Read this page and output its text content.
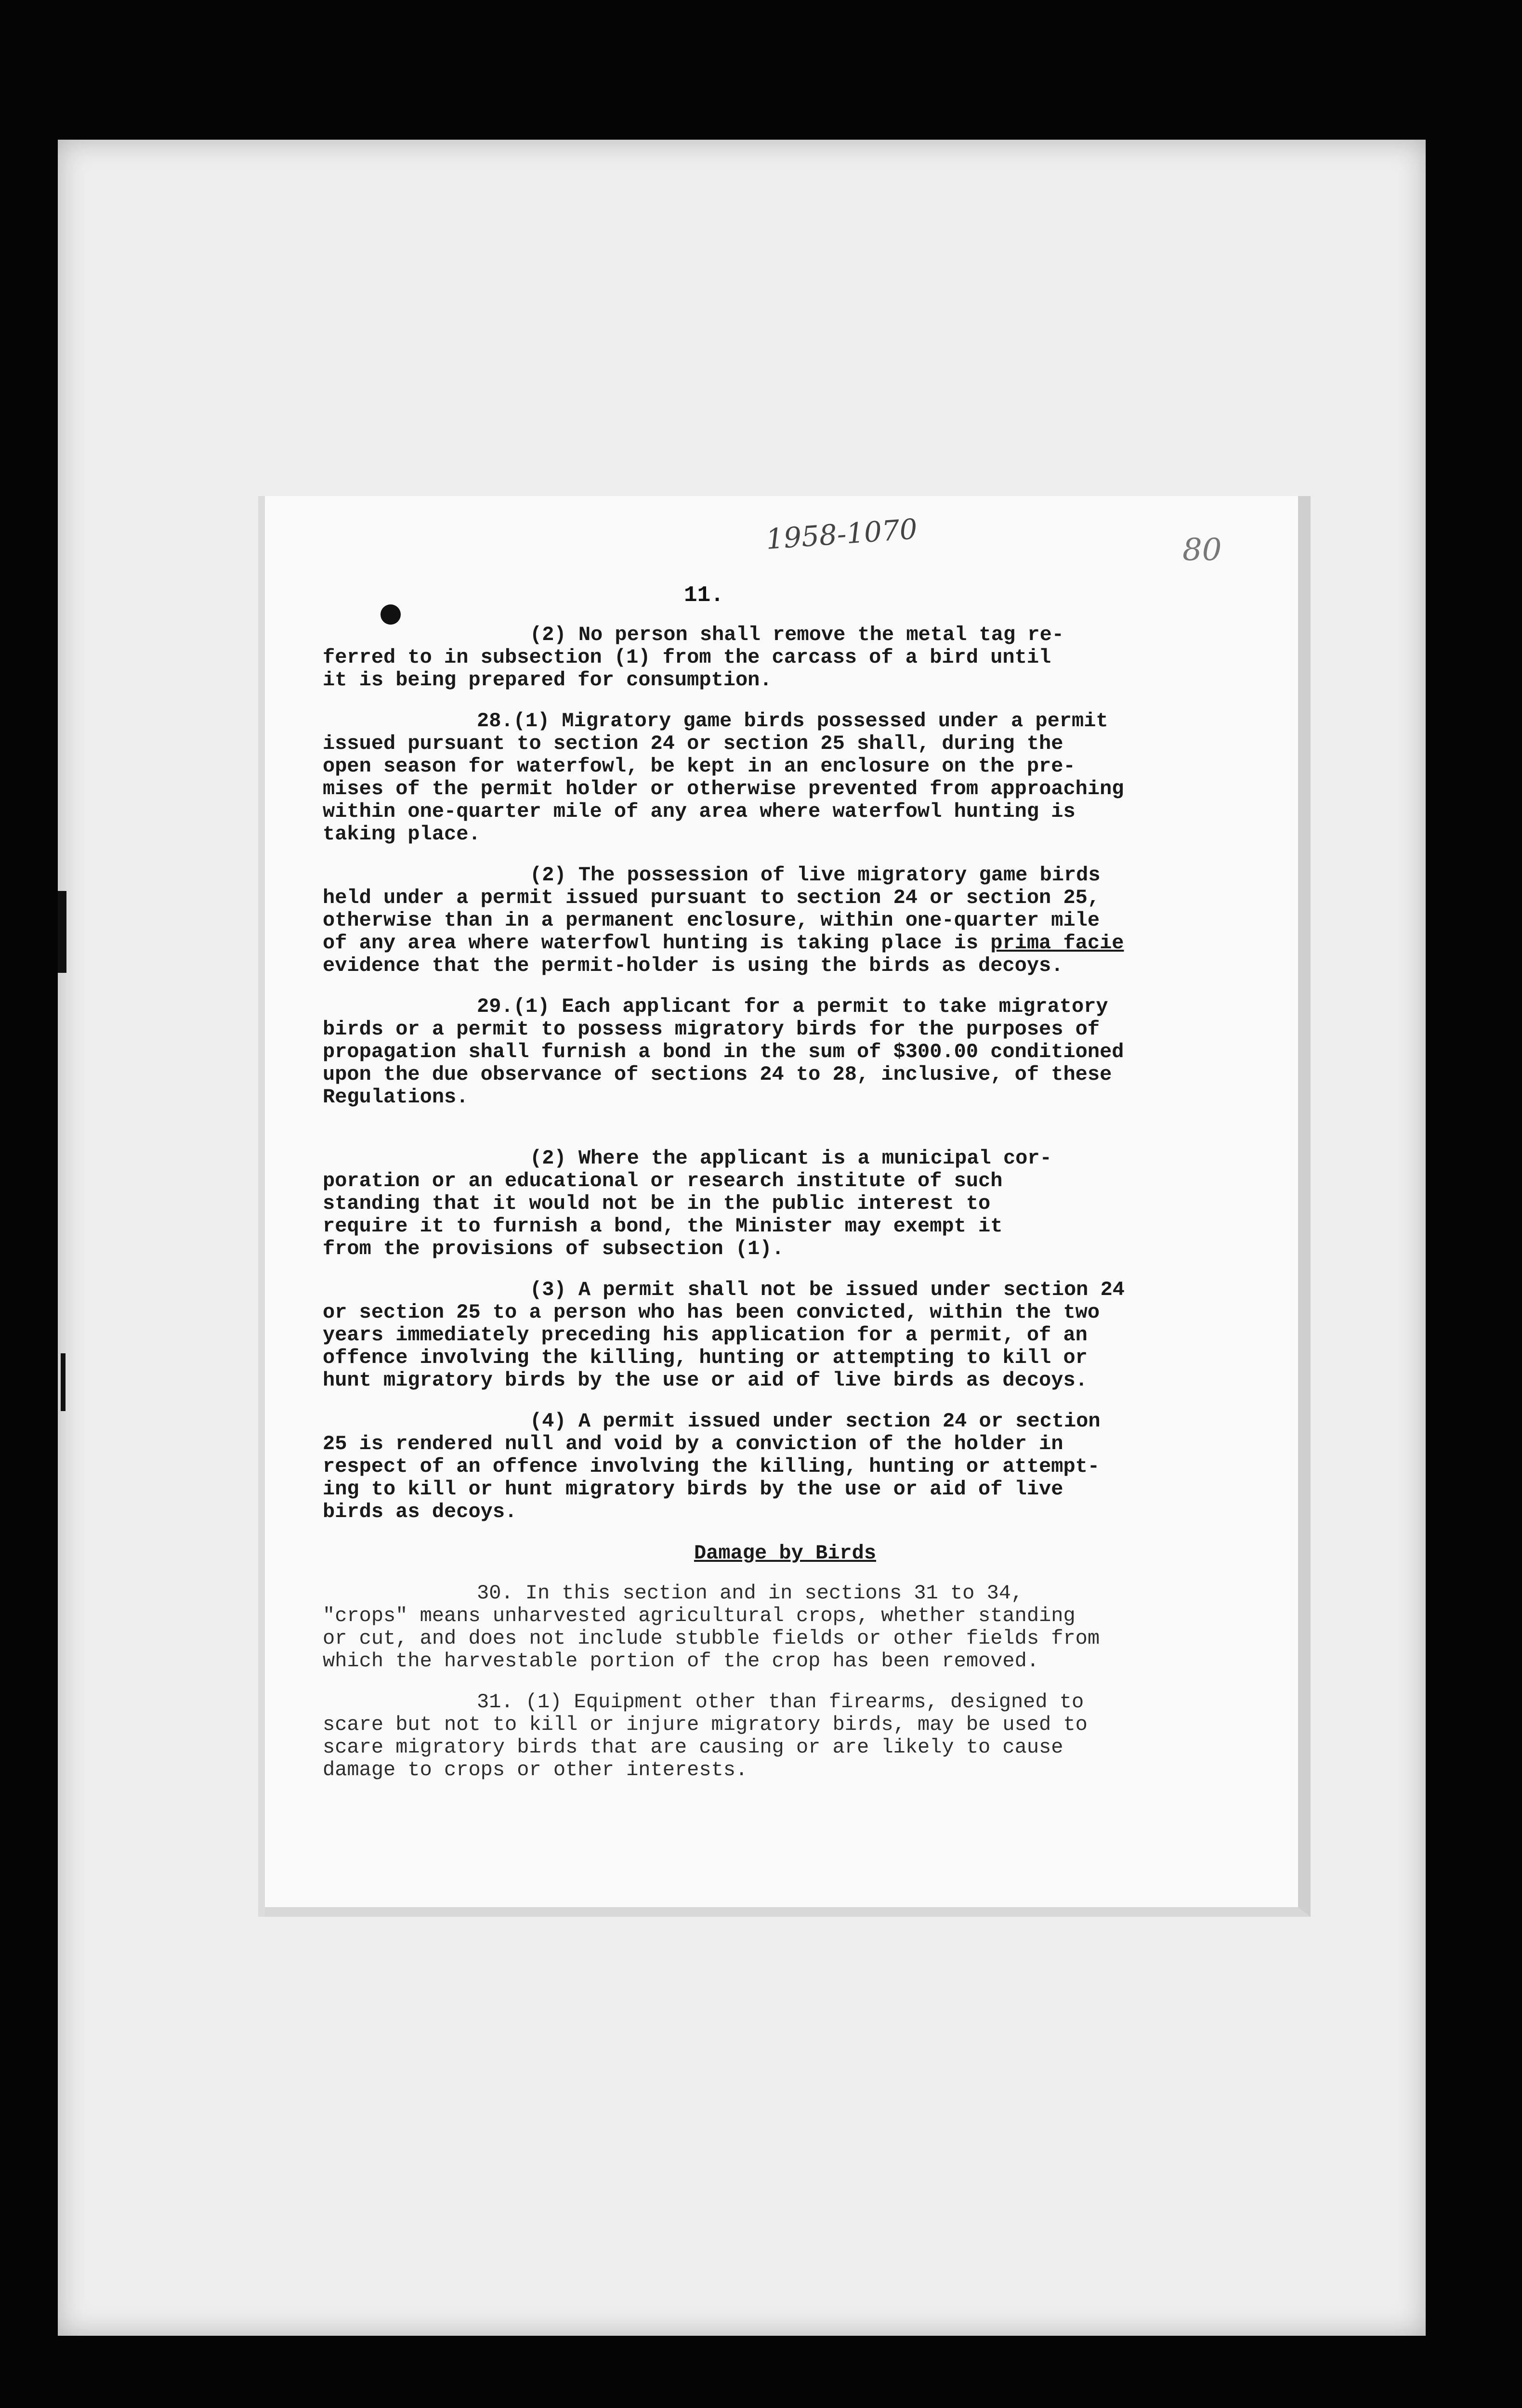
1958-1070	80
11.

(2) No person shall remove the metal tag re-
ferred to in subsection (1) from the carcass of a bird until
it is being prepared for consumption.

28.(1) Migratory game birds possessed under a permit
issued pursuant to section 24 or section 25 shall, during the
open season for waterfowl, be kept in an enclosure on the pre-
mises of the permit holder or otherwise prevented from approaching
within one-quarter mile of any area where waterfowl hunting is
taking place.

(2) The possession of live migratory game birds
held under a permit issued pursuant to section 24 or section 25,
otherwise than in a permanent enclosure, within one-quarter mile
of any area where waterfowl hunting is taking place is prima facie
evidence that the permit-holder is using the birds as decoys.

29.(1) Each applicant for a permit to take migratory
birds or a permit to possess migratory birds for the purposes of
propagation shall furnish a bond in the sum of $300.00 conditioned
upon the due observance of sections 24 to 28, inclusive, of these
Regulations.

(2) Where the applicant is a municipal cor-
poration or an educational or research institute of such
standing that it would not be in the public interest to
require it to furnish a bond, the Minister may exempt it
from the provisions of subsection (1).

(3) A permit shall not be issued under section 24
or section 25 to a person who has been convicted, within the two
years immediately preceding his application for a permit, of an
offence involving the killing, hunting or attempting to kill or
hunt migratory birds by the use or aid of live birds as decoys.

(4) A permit issued under section 24 or section
25 is rendered null and void by a conviction of the holder in
respect of an offence involving the killing, hunting or attempt-
ing to kill or hunt migratory birds by the use or aid of live
birds as decoys.

Damage by Birds

30. In this section and in sections 31 to 34,
"crops" means unharvested agricultural crops, whether standing
or cut, and does not include stubble fields or other fields from
which the harvestable portion of the crop has been removed.

31. (1) Equipment other than firearms, designed to
scare but not to kill or injure migratory birds, may be used to
scare migratory birds that are causing or are likely to cause
damage to crops or other interests.
